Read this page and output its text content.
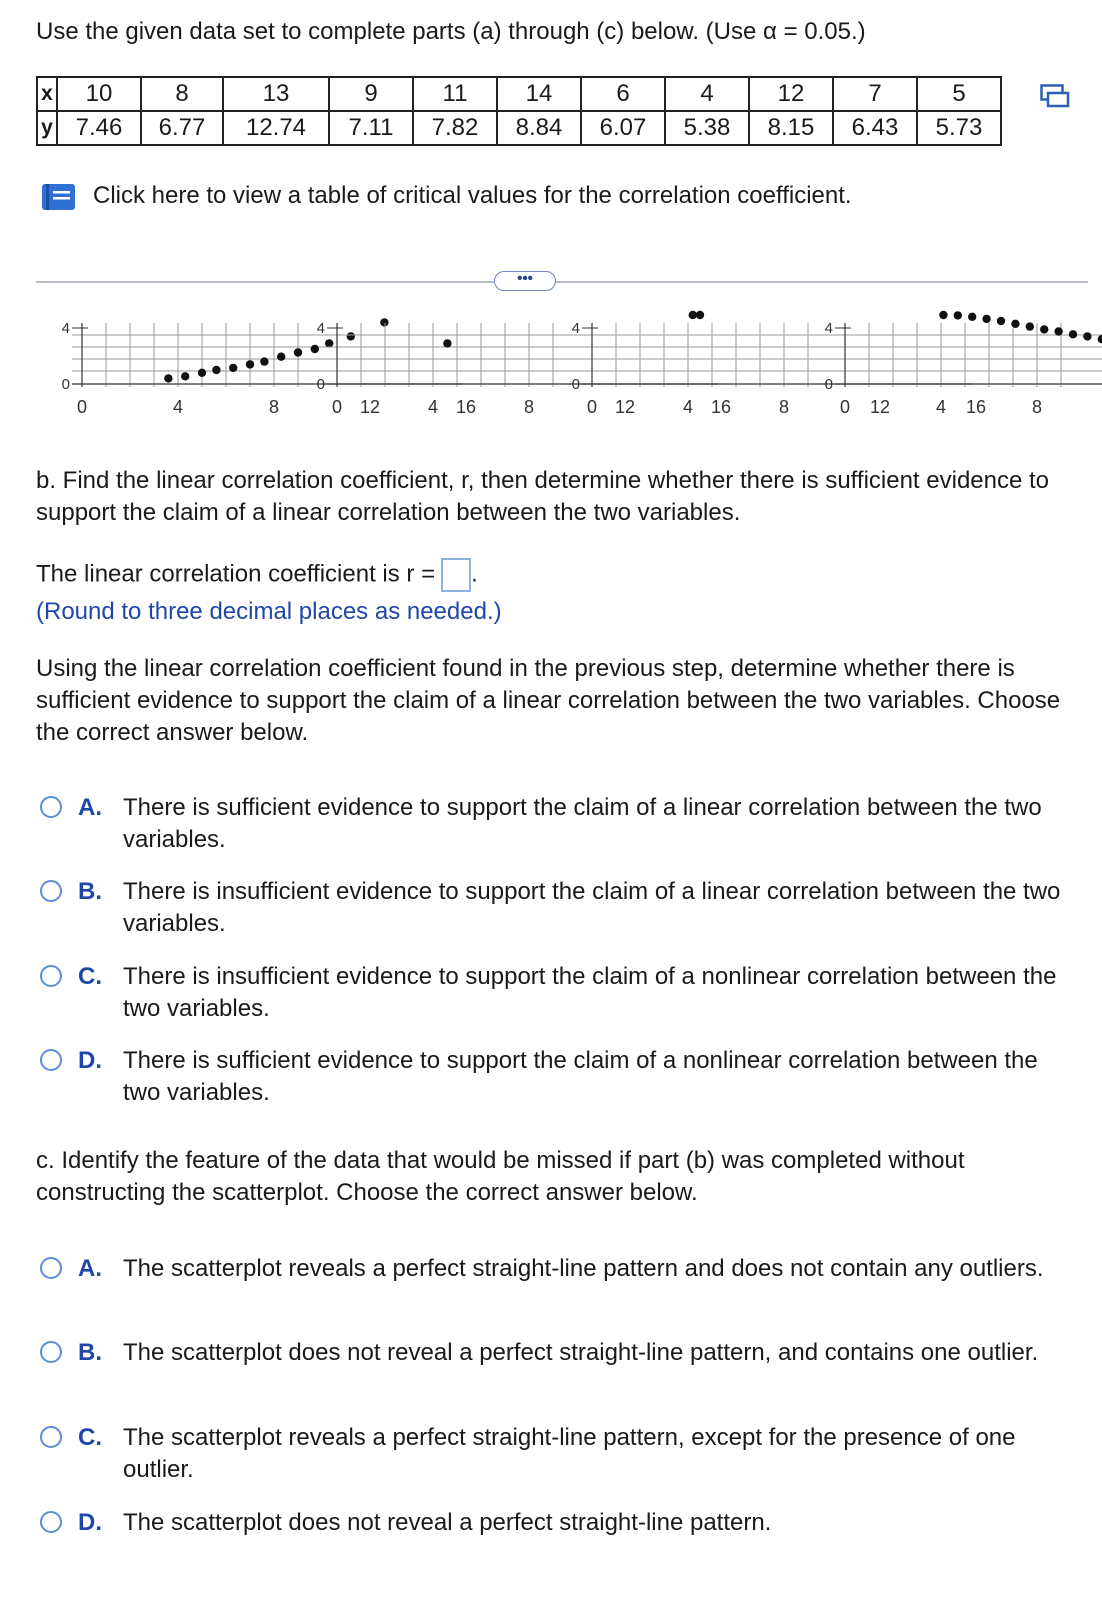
Use the given data set to complete parts (a) through (c) below. (Use α = 0.05.)
x	10	8	13	9	11	14	6	4	12	7	5
y	7.46	6.77	12.74	7.11	7.82	8.84	6.07	5.38	8.15	6.43	5.73
Click here to view a table of critical values for the correlation coefficient.
•••
0
4
0	4	8	12	16
0
4
0	4	8	12	16
0
4
0	4	8	12	16
0
4
0	4	8
b. Find the linear correlation coefficient, r, then determine whether there is sufficient evidence to support the claim of a linear correlation between the two variables.
The linear correlation coefficient is r = .
(Round to three decimal places as needed.)
Using the linear correlation coefficient found in the previous step, determine whether there is sufficient evidence to support the claim of a linear correlation between the two variables. Choose the correct answer below.
A. There is sufficient evidence to support the claim of a linear correlation between the two variables.
B. There is insufficient evidence to support the claim of a linear correlation between the two variables.
C. There is insufficient evidence to support the claim of a nonlinear correlation between the two variables.
D. There is sufficient evidence to support the claim of a nonlinear correlation between the two variables.
c. Identify the feature of the data that would be missed if part (b) was completed without constructing the scatterplot. Choose the correct answer below.
A. The scatterplot reveals a perfect straight-line pattern and does not contain any outliers.
B. The scatterplot does not reveal a perfect straight-line pattern, and contains one outlier.
C. The scatterplot reveals a perfect straight-line pattern, except for the presence of one outlier.
D. The scatterplot does not reveal a perfect straight-line pattern.
